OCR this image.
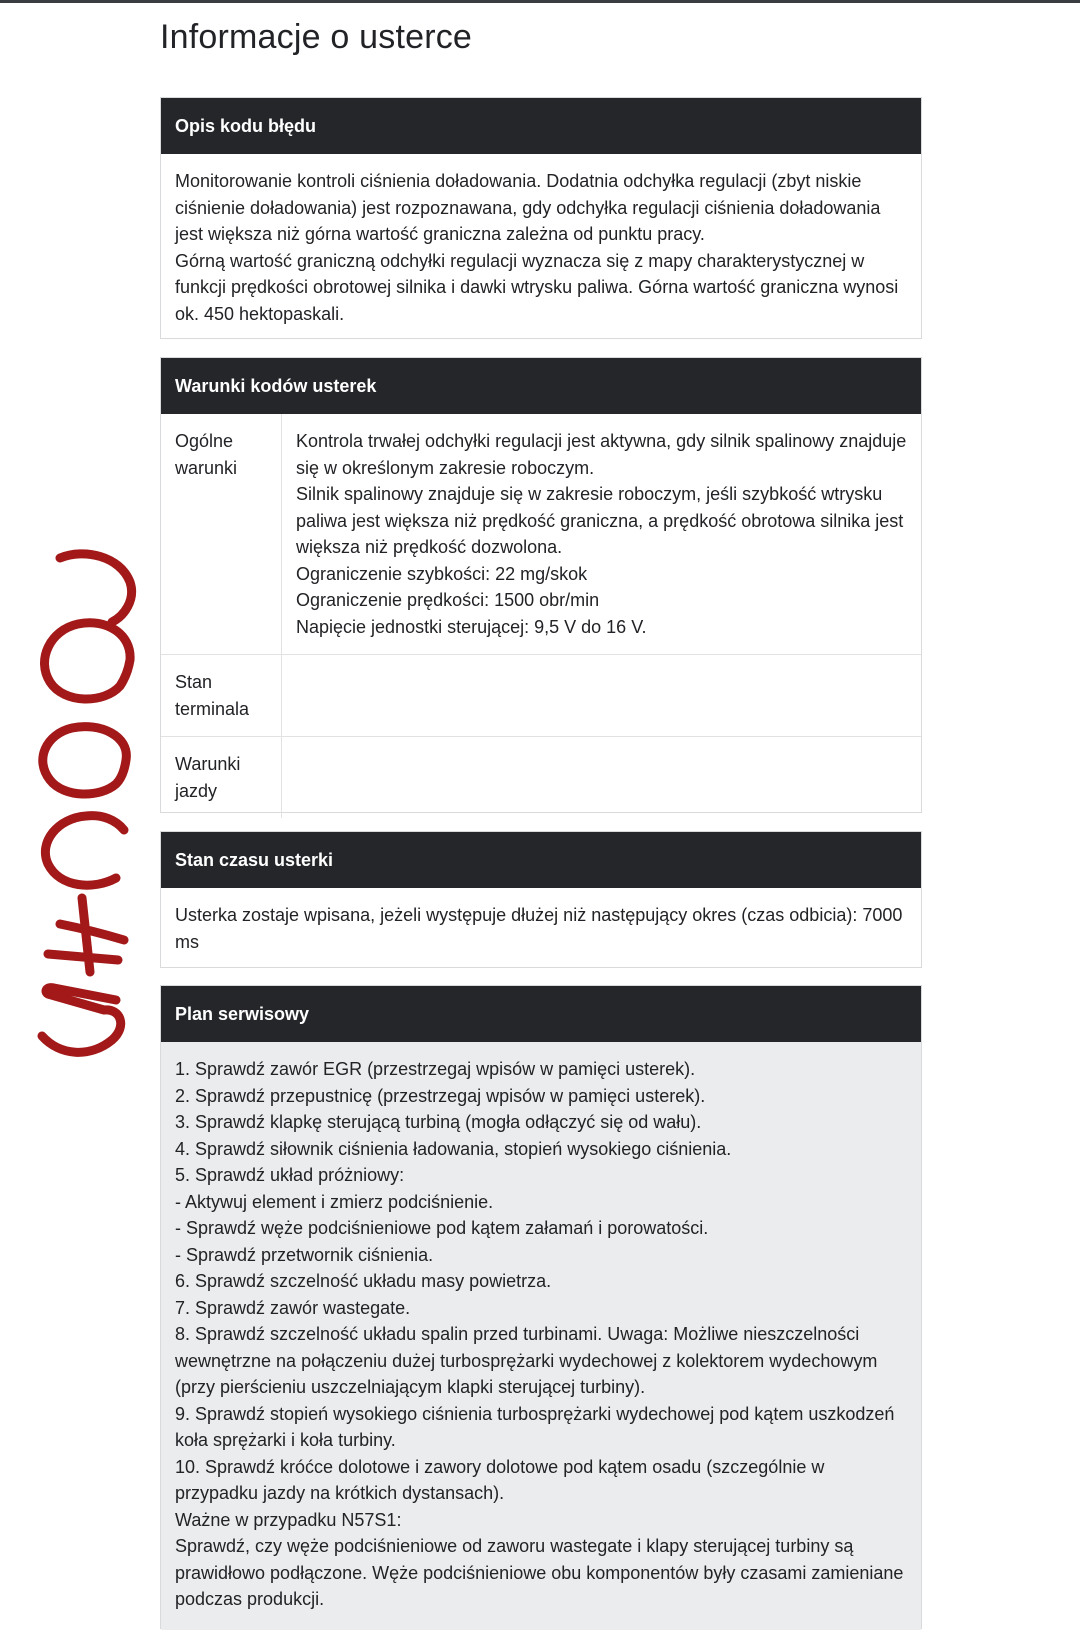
Informacje o usterce
Opis kodu błędu

Monitorowanie kontroli ciśnienia doładowania. Dodatnia odchyłka regulacji (zbyt niskie ciśnienie doładowania) jest rozpoznawana, gdy odchyłka regulacji ciśnienia doładowania jest większa niż górna wartość graniczna zależna od punktu pracy.

Górną wartość graniczną odchyłki regulacji wyznacza się z mapy charakterystycznej w funkcji prędkości obrotowej silnika i dawki wtrysku paliwa. Górna wartość graniczna wynosi ok. 450 hektopaskali.

Warunki kodów usterek
Ogólne warunki	Kontrola trwałej odchyłki regulacji jest aktywna, gdy silnik spalinowy znajduje się w określonym zakresie roboczym.

Silnik spalinowy znajduje się w zakresie roboczym, jeśli szybkość wtrysku paliwa jest większa niż prędkość graniczna, a prędkość obrotowa silnika jest większa niż prędkość dozwolona.

Ograniczenie szybkości: 22 mg/skok

Ograniczenie prędkości: 1500 obr/min

Napięcie jednostki sterującej: 9,5 V do 16 V.

Stan terminala	
Warunki jazdy	
Stan czasu usterki

Usterka zostaje wpisana, jeżeli występuje dłużej niż następujący okres (czas odbicia): 7000 ms

Plan serwisowy

1. Sprawdź zawór EGR (przestrzegaj wpisów w pamięci usterek).

2. Sprawdź przepustnicę (przestrzegaj wpisów w pamięci usterek).

3. Sprawdź klapkę sterującą turbiną (mogła odłączyć się od wału).

4. Sprawdź siłownik ciśnienia ładowania, stopień wysokiego ciśnienia.

5. Sprawdź układ próżniowy:

- Aktywuj element i zmierz podciśnienie.

- Sprawdź węże podciśnieniowe pod kątem załamań i porowatości.

- Sprawdź przetwornik ciśnienia.

6. Sprawdź szczelność układu masy powietrza.

7. Sprawdź zawór wastegate.

8. Sprawdź szczelność układu spalin przed turbinami. Uwaga: Możliwe nieszczelności wewnętrzne na połączeniu dużej turbosprężarki wydechowej z kolektorem wydechowym (przy pierścieniu uszczelniającym klapki sterującej turbiny).

9. Sprawdź stopień wysokiego ciśnienia turbosprężarki wydechowej pod kątem uszkodzeń koła sprężarki i koła turbiny.

10. Sprawdź króćce dolotowe i zawory dolotowe pod kątem osadu (szczególnie w przypadku jazdy na krótkich dystansach).

Ważne w przypadku N57S1:

Sprawdź, czy węże podciśnieniowe od zaworu wastegate i klapy sterującej turbiny są prawidłowo podłączone. Węże podciśnieniowe obu komponentów były czasami zamieniane podczas produkcji.
